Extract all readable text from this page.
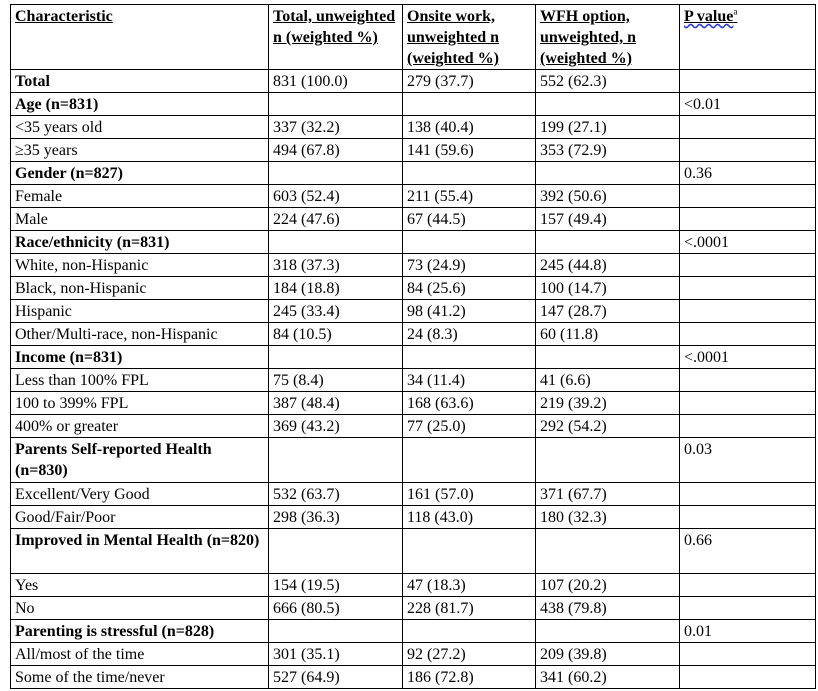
Characteristic	Total, unweighted n (weighted %)	Onsite work, unweighted n (weighted %)	WFH option, unweighted, n (weighted %)	P value$^a$
Total	831 (100.0)	279 (37.7)	552 (62.3)	
Age (n=831)				<0.01
<35 years old	337 (32.2)	138 (40.4)	199 (27.1)	
≥35 years	494 (67.8)	141 (59.6)	353 (72.9)	
Gender (n=827)				0.36
Female	603 (52.4)	211 (55.4)	392 (50.6)	
Male	224 (47.6)	67 (44.5)	157 (49.4)	
Race/ethnicity (n=831)				<.0001
White, non-Hispanic	318 (37.3)	73 (24.9)	245 (44.8)	
Black, non-Hispanic	184 (18.8)	84 (25.6)	100 (14.7)	
Hispanic	245 (33.4)	98 (41.2)	147 (28.7)	
Other/Multi-race, non-Hispanic	84 (10.5)	24 (8.3)	60 (11.8)	
Income (n=831)				<.0001
Less than 100% FPL	75 (8.4)	34 (11.4)	41 (6.6)	
100 to 399% FPL	387 (48.4)	168 (63.6)	219 (39.2)	
400% or greater	369 (43.2)	77 (25.0)	292 (54.2)	
Parents Self-reported Health (n=830)				0.03
Excellent/Very Good	532 (63.7)	161 (57.0)	371 (67.7)	
Good/Fair/Poor	298 (36.3)	118 (43.0)	180 (32.3)	
Improved in Mental Health (n=820)				0.66
Yes	154 (19.5)	47 (18.3)	107 (20.2)	
No	666 (80.5)	228 (81.7)	438 (79.8)	
Parenting is stressful (n=828)				0.01
All/most of the time	301 (35.1)	92 (27.2)	209 (39.8)	
Some of the time/never	527 (64.9)	186 (72.8)	341 (60.2)	
